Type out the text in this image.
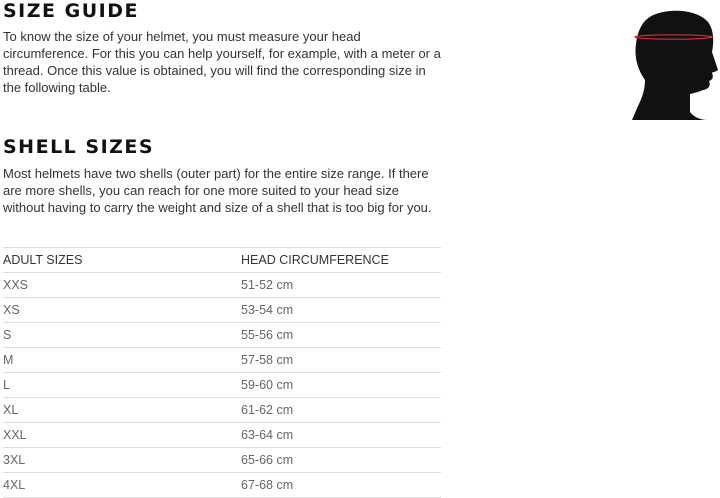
SIZE GUIDE

To know the size of your helmet, you must measure your head circumference. For this you can help yourself, for example, with a meter or a thread. Once this value is obtained, you will find the corresponding size in the following table.

SHELL SIZES

Most helmets have two shells (outer part) for the entire size range. If there are more shells, you can reach for one more suited to your head size without having to carry the weight and size of a shell that is too big for you.

ADULT SIZES	HEAD CIRCUMFERENCE
XXS	51-52 cm
XS	53-54 cm
S	55-56 cm
M	57-58 cm
L	59-60 cm
XL	61-62 cm
XXL	63-64 cm
3XL	65-66 cm
4XL	67-68 cm
